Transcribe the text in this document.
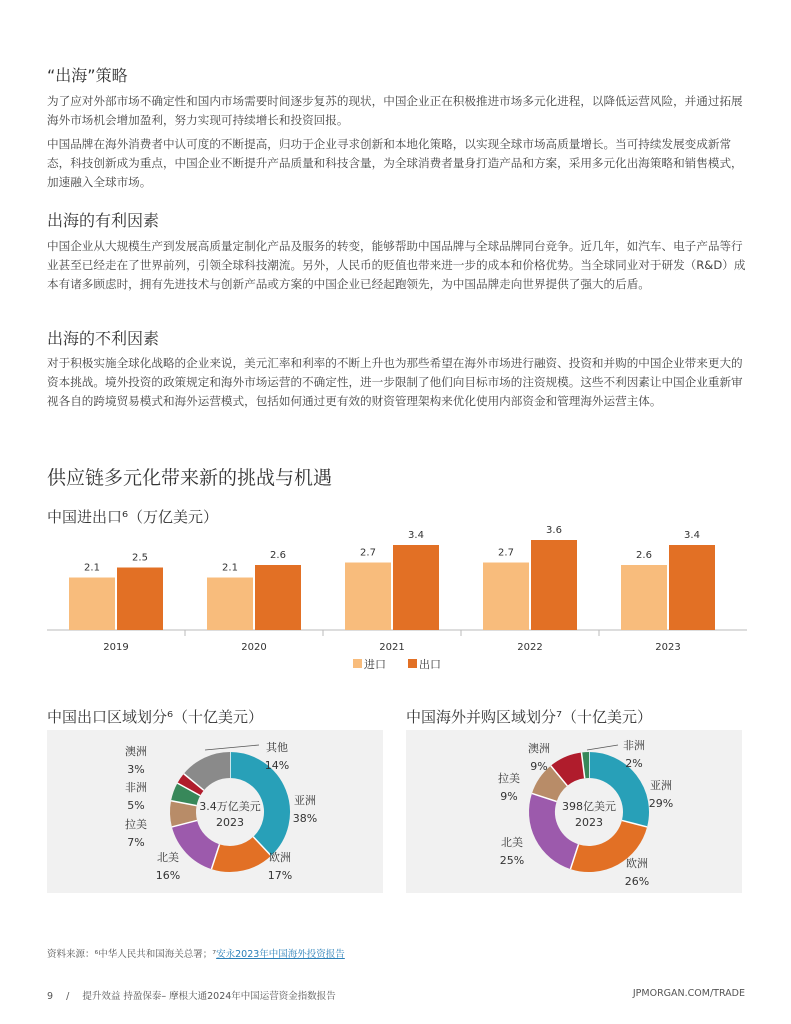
“出海”策略

为了应对外部市场不确定性和国内市场需要时间逐步复苏的现状，中国企业正在积极推进市场多元化进程，以降低运营风险，并通过拓展海外市场机会增加盈利，努力实现可持续增长和投资回报。

中国品牌在海外消费者中认可度的不断提高，归功于企业寻求创新和本地化策略，以实现全球市场高质量增长。当可持续发展变成新常态，科技创新成为重点，中国企业不断提升产品质量和科技含量，为全球消费者量身打造产品和方案，采用多元化出海策略和销售模式，加速融入全球市场。

出海的有利因素

中国企业从大规模生产到发展高质量定制化产品及服务的转变，能够帮助中国品牌与全球品牌同台竞争。近几年，如汽车、电子产品等行业甚至已经走在了世界前列，引领全球科技潮流。另外，人民币的贬值也带来进一步的成本和价格优势。当全球同业对于研发（R&D）成本有诸多顾虑时，拥有先进技术与创新产品或方案的中国企业已经起跑领先，为中国品牌走向世界提供了强大的后盾。

出海的不利因素

对于积极实施全球化战略的企业来说，美元汇率和利率的不断上升也为那些希望在海外市场进行融资、投资和并购的中国企业带来更大的资本挑战。境外投资的政策规定和海外市场运营的不确定性，进一步限制了他们向目标市场的注资规模。这些不利因素让中国企业重新审视各自的跨境贸易模式和海外运营模式，包括如何通过更有效的财资管理架构来优化使用内部资金和管理海外运营主体。

供应链多元化带来新的挑战与机遇
中国进出口⁶（万亿美元）
2.1
2.5
2019
2.1
2.6
2020
2.7
3.4
2021
2.7
3.6
2022
2.6
3.4
2023
进口	出口
中国出口区域划分⁶（十亿美元）
3.4万亿美元
2023
亚洲
38%
欧洲
17%
北美
16%
拉美
7%
非洲
5%
澳洲
3%
其他
14%
中国海外并购区域划分⁷（十亿美元）
398亿美元
2023
亚洲
29%
欧洲
26%
北美
25%
拉美
9%
澳洲
9%
非洲
2%
资料来源：⁶中华人民共和国海关总署；⁷安永2023年中国海外投资报告
9 / 提升效益 持盈保泰– 摩根大通2024年中国运营资金指数报告	JPMORGAN.COM/TRADE
